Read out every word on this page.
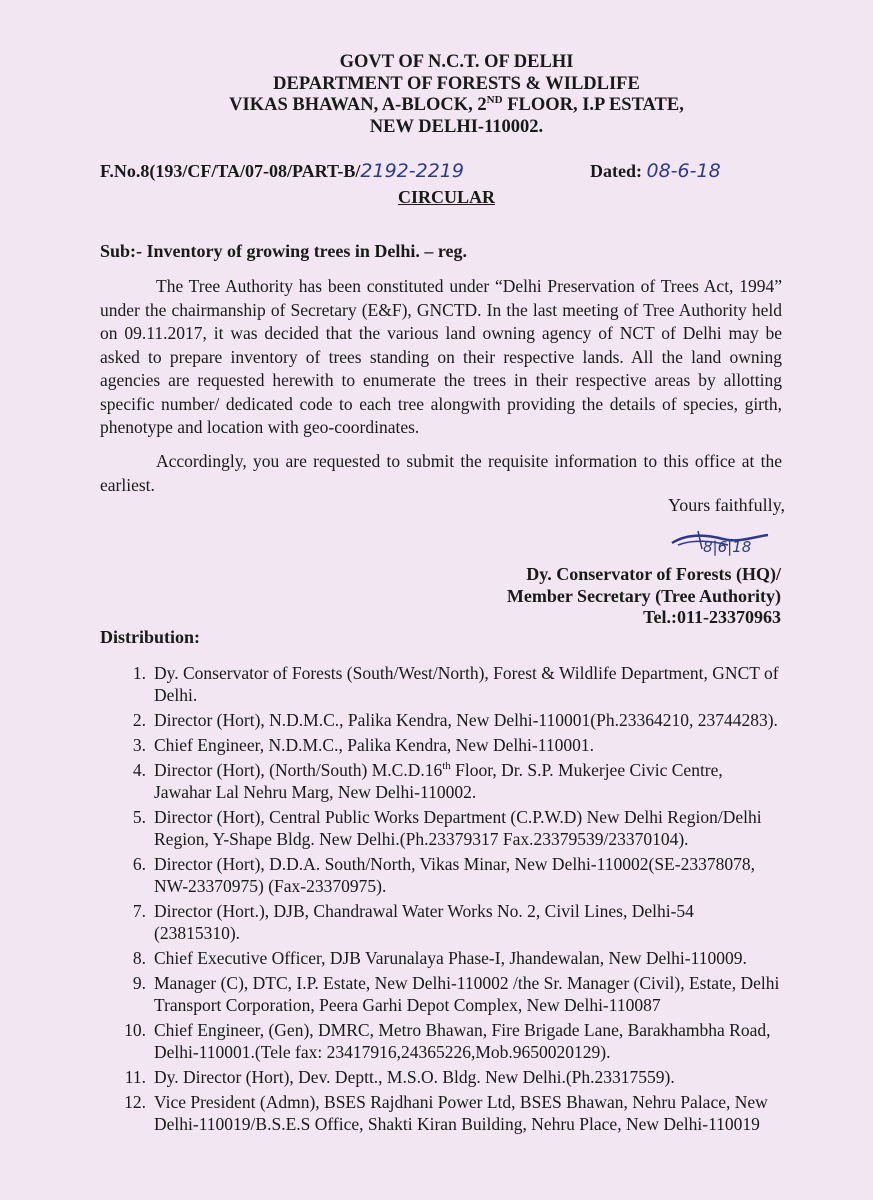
GOVT OF N.C.T. OF DELHI
DEPARTMENT OF FORESTS & WILDLIFE
VIKAS BHAWAN, A-BLOCK, 2ND FLOOR, I.P ESTATE,
NEW DELHI-110002.
F.No.8(193/CF/TA/07-08/PART-B/2192-2219	Dated: 08-6-18
CIRCULAR
Sub:- Inventory of growing trees in Delhi. – reg.

The Tree Authority has been constituted under “Delhi Preservation of Trees Act, 1994” under the chairmanship of Secretary (E&F), GNCTD. In the last meeting of Tree Authority held on 09.11.2017, it was decided that the various land owning agency of NCT of Delhi may be asked to prepare inventory of trees standing on their respective lands. All the land owning agencies are requested herewith to enumerate the trees in their respective areas by allotting specific number/ dedicated code to each tree alongwith providing the details of species, girth, phenotype and location with geo-coordinates.

Accordingly, you are requested to submit the requisite information to this office at the earliest.

Yours faithfully,
8|6|18
Dy. Conservator of Forests (HQ)/
Member Secretary (Tree Authority)
Tel.:011-23370963
Distribution:
1. Dy. Conservator of Forests (South/West/North), Forest & Wildlife Department, GNCT of Delhi.
2. Director (Hort), N.D.M.C., Palika Kendra, New Delhi-110001(Ph.23364210, 23744283).
3. Chief Engineer, N.D.M.C., Palika Kendra, New Delhi-110001.
4. Director (Hort), (North/South) M.C.D.16th Floor, Dr. S.P. Mukerjee Civic Centre, Jawahar Lal Nehru Marg, New Delhi-110002.
5. Director (Hort), Central Public Works Department (C.P.W.D) New Delhi Region/Delhi Region, Y-Shape Bldg. New Delhi.(Ph.23379317 Fax.23379539/23370104).
6. Director (Hort), D.D.A. South/North, Vikas Minar, New Delhi-110002(SE-23378078, NW-23370975) (Fax-23370975).
7. Director (Hort.), DJB, Chandrawal Water Works No. 2, Civil Lines, Delhi-54 (23815310).
8. Chief Executive Officer, DJB Varunalaya Phase-I, Jhandewalan, New Delhi-110009.
9. Manager (C), DTC, I.P. Estate, New Delhi-110002 /the Sr. Manager (Civil), Estate, Delhi Transport Corporation, Peera Garhi Depot Complex, New Delhi-110087
10. Chief Engineer, (Gen), DMRC, Metro Bhawan, Fire Brigade Lane, Barakhambha Road, Delhi-110001.(Tele fax: 23417916,24365226,Mob.9650020129).
11. Dy. Director (Hort), Dev. Deptt., M.S.O. Bldg. New Delhi.(Ph.23317559).
12. Vice President (Admn), BSES Rajdhani Power Ltd, BSES Bhawan, Nehru Palace, New Delhi-110019/B.S.E.S Office, Shakti Kiran Building, Nehru Place, New Delhi-110019
